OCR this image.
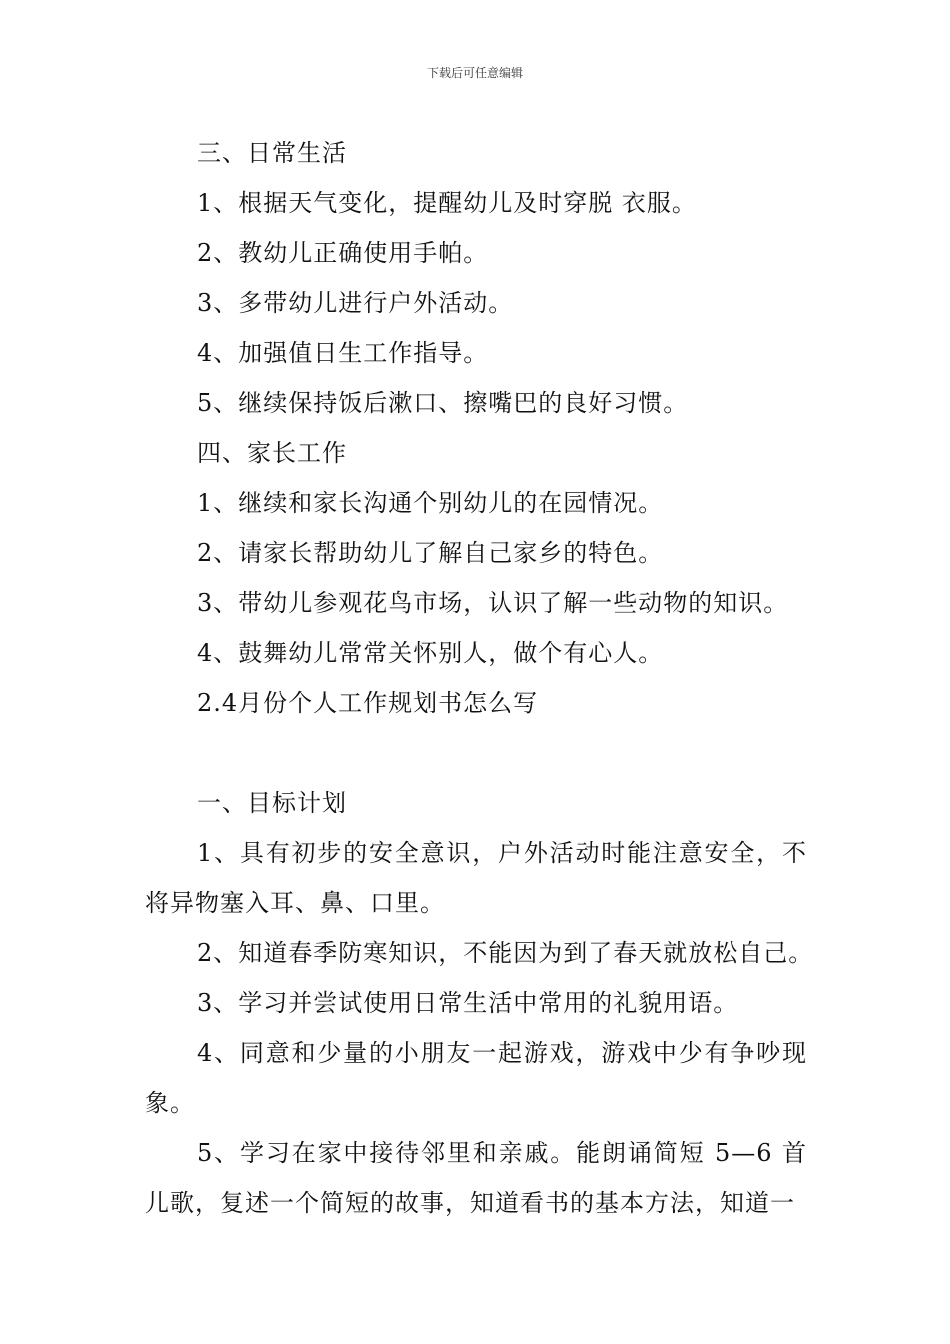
下载后可任意编辑
三、日常生活
1、根据天气变化，提醒幼儿及时穿脱 衣服。
2、教幼儿正确使用手帕。
3、多带幼儿进行户外活动。
4、加强值日生工作指导。
5、继续保持饭后漱口、擦嘴巴的良好习惯。
四、家长工作
1、继续和家长沟通个别幼儿的在园情况。
2、请家长帮助幼儿了解自己家乡的特色。
3、带幼儿参观花鸟市场，认识了解一些动物的知识。
4、鼓舞幼儿常常关怀别人，做个有心人。
2.4月份个人工作规划书怎么写
一、目标计划
1、具有初步的安全意识，户外活动时能注意安全，不将异物塞入耳、鼻、口里。
2、知道春季防寒知识，不能因为到了春天就放松自己。
3、学习并尝试使用日常生活中常用的礼貌用语。
4、同意和少量的小朋友一起游戏，游戏中少有争吵现象。
5、学习在家中接待邻里和亲戚。能朗诵简短 5—6 首儿歌，复述一个简短的故事，知道看书的基本方法，知道一
